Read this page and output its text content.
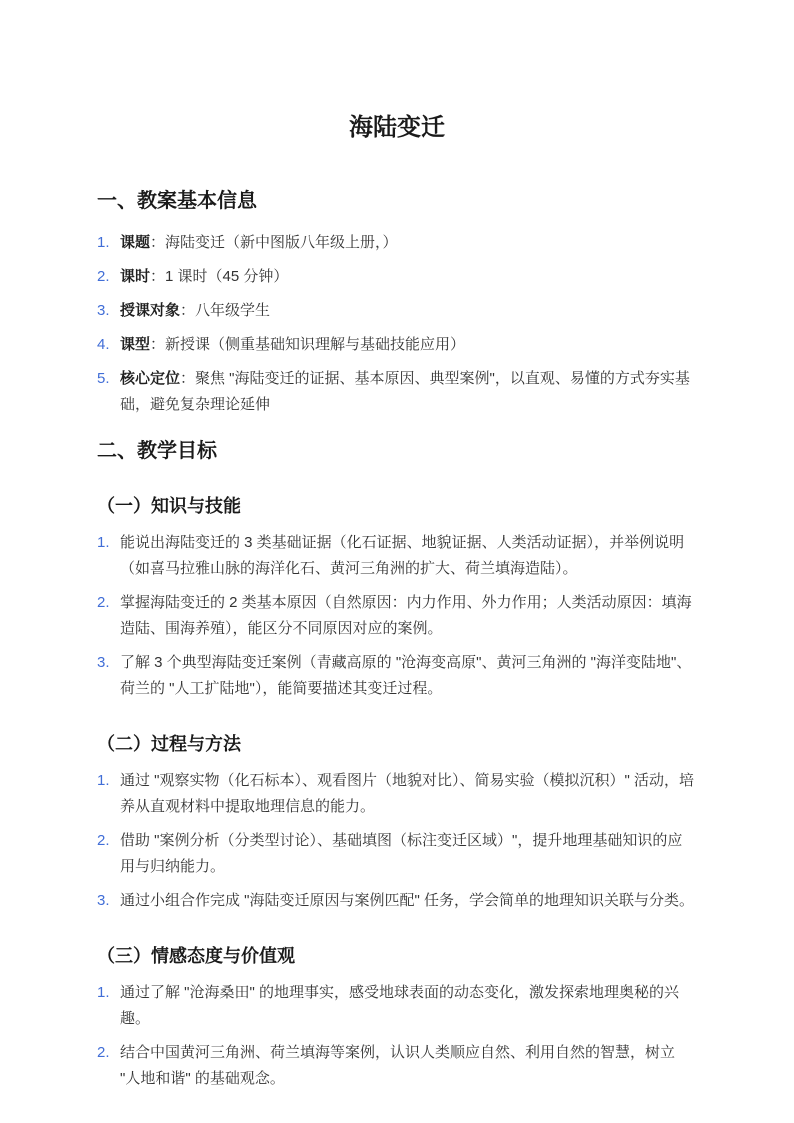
海陆变迁
一、教案基本信息
1. 课题：海陆变迁（新中图版八年级上册，）
2. 课时：1 课时（45 分钟）
3. 授课对象：八年级学生
4. 课型：新授课（侧重基础知识理解与基础技能应用）
5. 核心定位：聚焦 "海陆变迁的证据、基本原因、典型案例"，以直观、易懂的方式夯实基础，避免复杂理论延伸
二、教学目标
（一）知识与技能
1. 能说出海陆变迁的 3 类基础证据（化石证据、地貌证据、人类活动证据），并举例说明（如喜马拉雅山脉的海洋化石、黄河三角洲的扩大、荷兰填海造陆）。
2. 掌握海陆变迁的 2 类基本原因（自然原因：内力作用、外力作用；人类活动原因：填海造陆、围海养殖），能区分不同原因对应的案例。
3. 了解 3 个典型海陆变迁案例（青藏高原的 "沧海变高原"、黄河三角洲的 "海洋变陆地"、荷兰的 "人工扩陆地"），能简要描述其变迁过程。
（二）过程与方法
1. 通过 "观察实物（化石标本）、观看图片（地貌对比）、简易实验（模拟沉积）" 活动，培养从直观材料中提取地理信息的能力。
2. 借助 "案例分析（分类型讨论）、基础填图（标注变迁区域）"，提升地理基础知识的应用与归纳能力。
3. 通过小组合作完成 "海陆变迁原因与案例匹配" 任务，学会简单的地理知识关联与分类。
（三）情感态度与价值观
1. 通过了解 "沧海桑田" 的地理事实，感受地球表面的动态变化，激发探索地理奥秘的兴趣。
2. 结合中国黄河三角洲、荷兰填海等案例，认识人类顺应自然、利用自然的智慧，树立 "人地和谐" 的基础观念。
